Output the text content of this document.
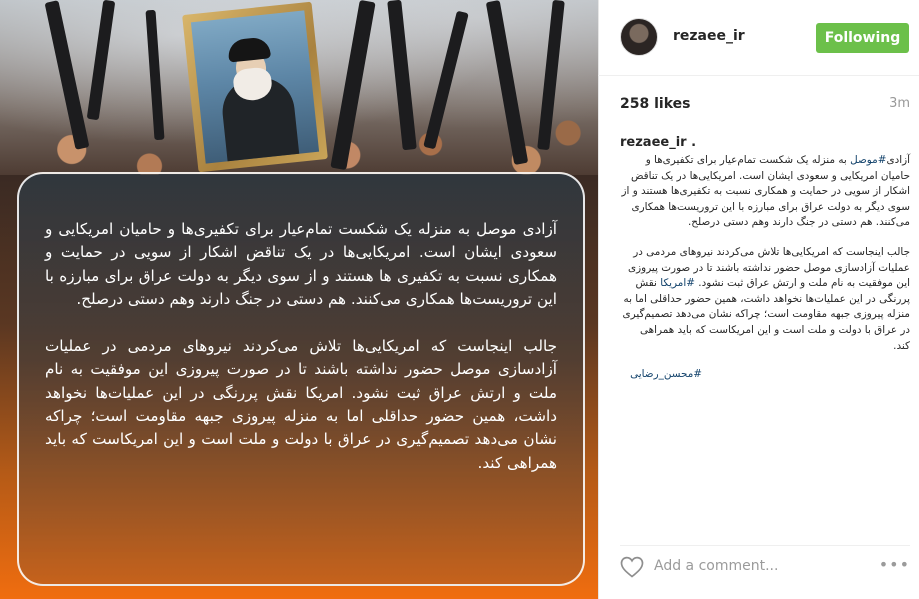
آزادی موصل به منزله یک شکست تمام‌عیار برای تکفیری‌ها و حامیان امریکایی و سعودی ایشان است. امریکایی‌ها در یک تناقض اشکار از سویی در حمایت و همکاری نسبت به تکفیری ها هستند و از سوی دیگر به دولت عراق برای مبارزه با این تروریست‌ها همکاری می‌کنند. هم دستی در جنگ دارند وهم دستی درصلح.

جالب اینجاست که امریکایی‌ها تلاش می‌کردند نیروهای مردمی در عملیات آزادسازی موصل حضور نداشته باشند تا در صورت پیروزی این موفقیت به نام ملت و ارتش عراق ثبت نشود. امریکا نقش پررنگی در این عملیات‌ها نخواهد داشت، همین حضور حداقلی اما به منزله پیروزی جبهه مقاومت است؛ چراکه نشان می‌دهد تصمیم‌گیری در عراق با دولت و ملت است و این امریکاست که باید همراهی کند.

rezaee_ir	Following
258 likes	3m
rezaee_ir .

آزادی#موصل به منزله یک شکست تمام‌عیار برای تکفیری‌ها و حامیان امریکایی و سعودی ایشان است. امریکایی‌ها در یک تناقض اشکار از سویی در حمایت و همکاری نسبت به تکفیری‌ها هستند و از سوی دیگر به دولت عراق برای مبارزه با این تروریست‌ها همکاری می‌کنند. هم دستی در جنگ دارند وهم دستی درصلح.

جالب اینجاست که امریکایی‌ها تلاش می‌کردند نیروهای مردمی در عملیات آزادسازی موصل حضور نداشته باشند تا در صورت پیروزی این موفقیت به نام ملت و ارتش عراق ثبت نشود. #امریکا نقش پررنگی در این عملیات‌ها نخواهد داشت، همین حضور حداقلی اما به منزله پیروزی جبهه مقاومت است؛ چراکه نشان می‌دهد تصمیم‌گیری در عراق با دولت و ملت است و این امریکاست که باید همراهی کند.

#محسن_رضایی
Add a comment...
•••
